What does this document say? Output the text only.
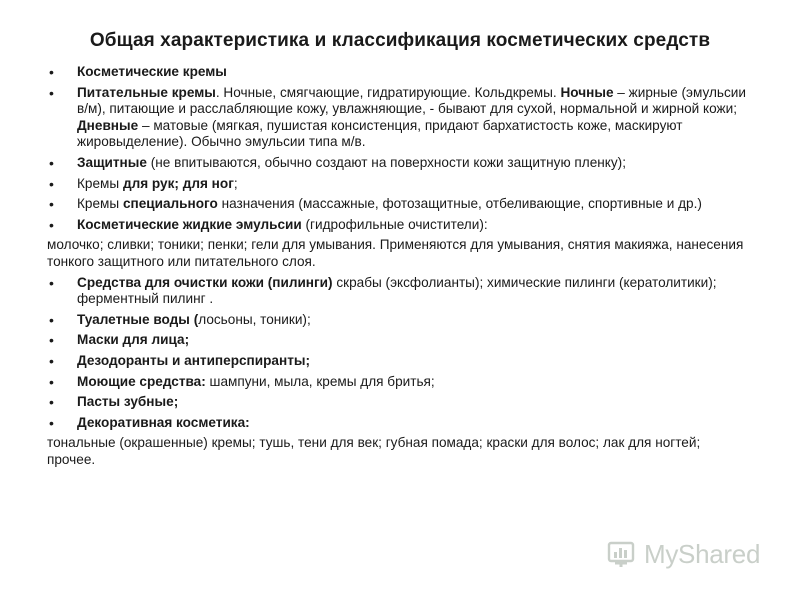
Общая характеристика и классификация косметических средств
• Косметические кремы
• Питательные кремы. Ночные, смягчающие, гидратирующие. Кольдкремы. Ночные – жирные (эмульсии в/м), питающие и расслабляющие кожу, увлажняющие, - бывают для сухой, нормальной и жирной кожи; Дневные – матовые (мягкая, пушистая консистенция, придают бархатистость коже, маскируют жировыделение). Обычно эмульсии типа м/в.
• Защитные (не впитываются, обычно создают на поверхности кожи защитную пленку);
• Кремы для рук; для ног;
• Кремы специального назначения (массажные, фотозащитные, отбеливающие, спортивные и др.)
• Косметические жидкие эмульсии (гидрофильные очистители):
молочко; сливки; тоники; пенки; гели для умывания. Применяются для умывания, снятия макияжа, нанесения тонкого защитного или питательного слоя.
• Средства для очистки кожи (пилинги) скрабы (эксфолианты); химические пилинги (кератолитики); ферментный пилинг .
• Туалетные воды (лосьоны, тоники);
• Маски для лица;
• Дезодоранты и антиперспиранты;
• Моющие средства: шампуни, мыла, кремы для бритья;
• Пасты зубные;
• Декоративная косметика:
тональные (окрашенные) кремы; тушь, тени для век; губная помада; краски для волос; лак для ногтей; прочее.
MyShared
